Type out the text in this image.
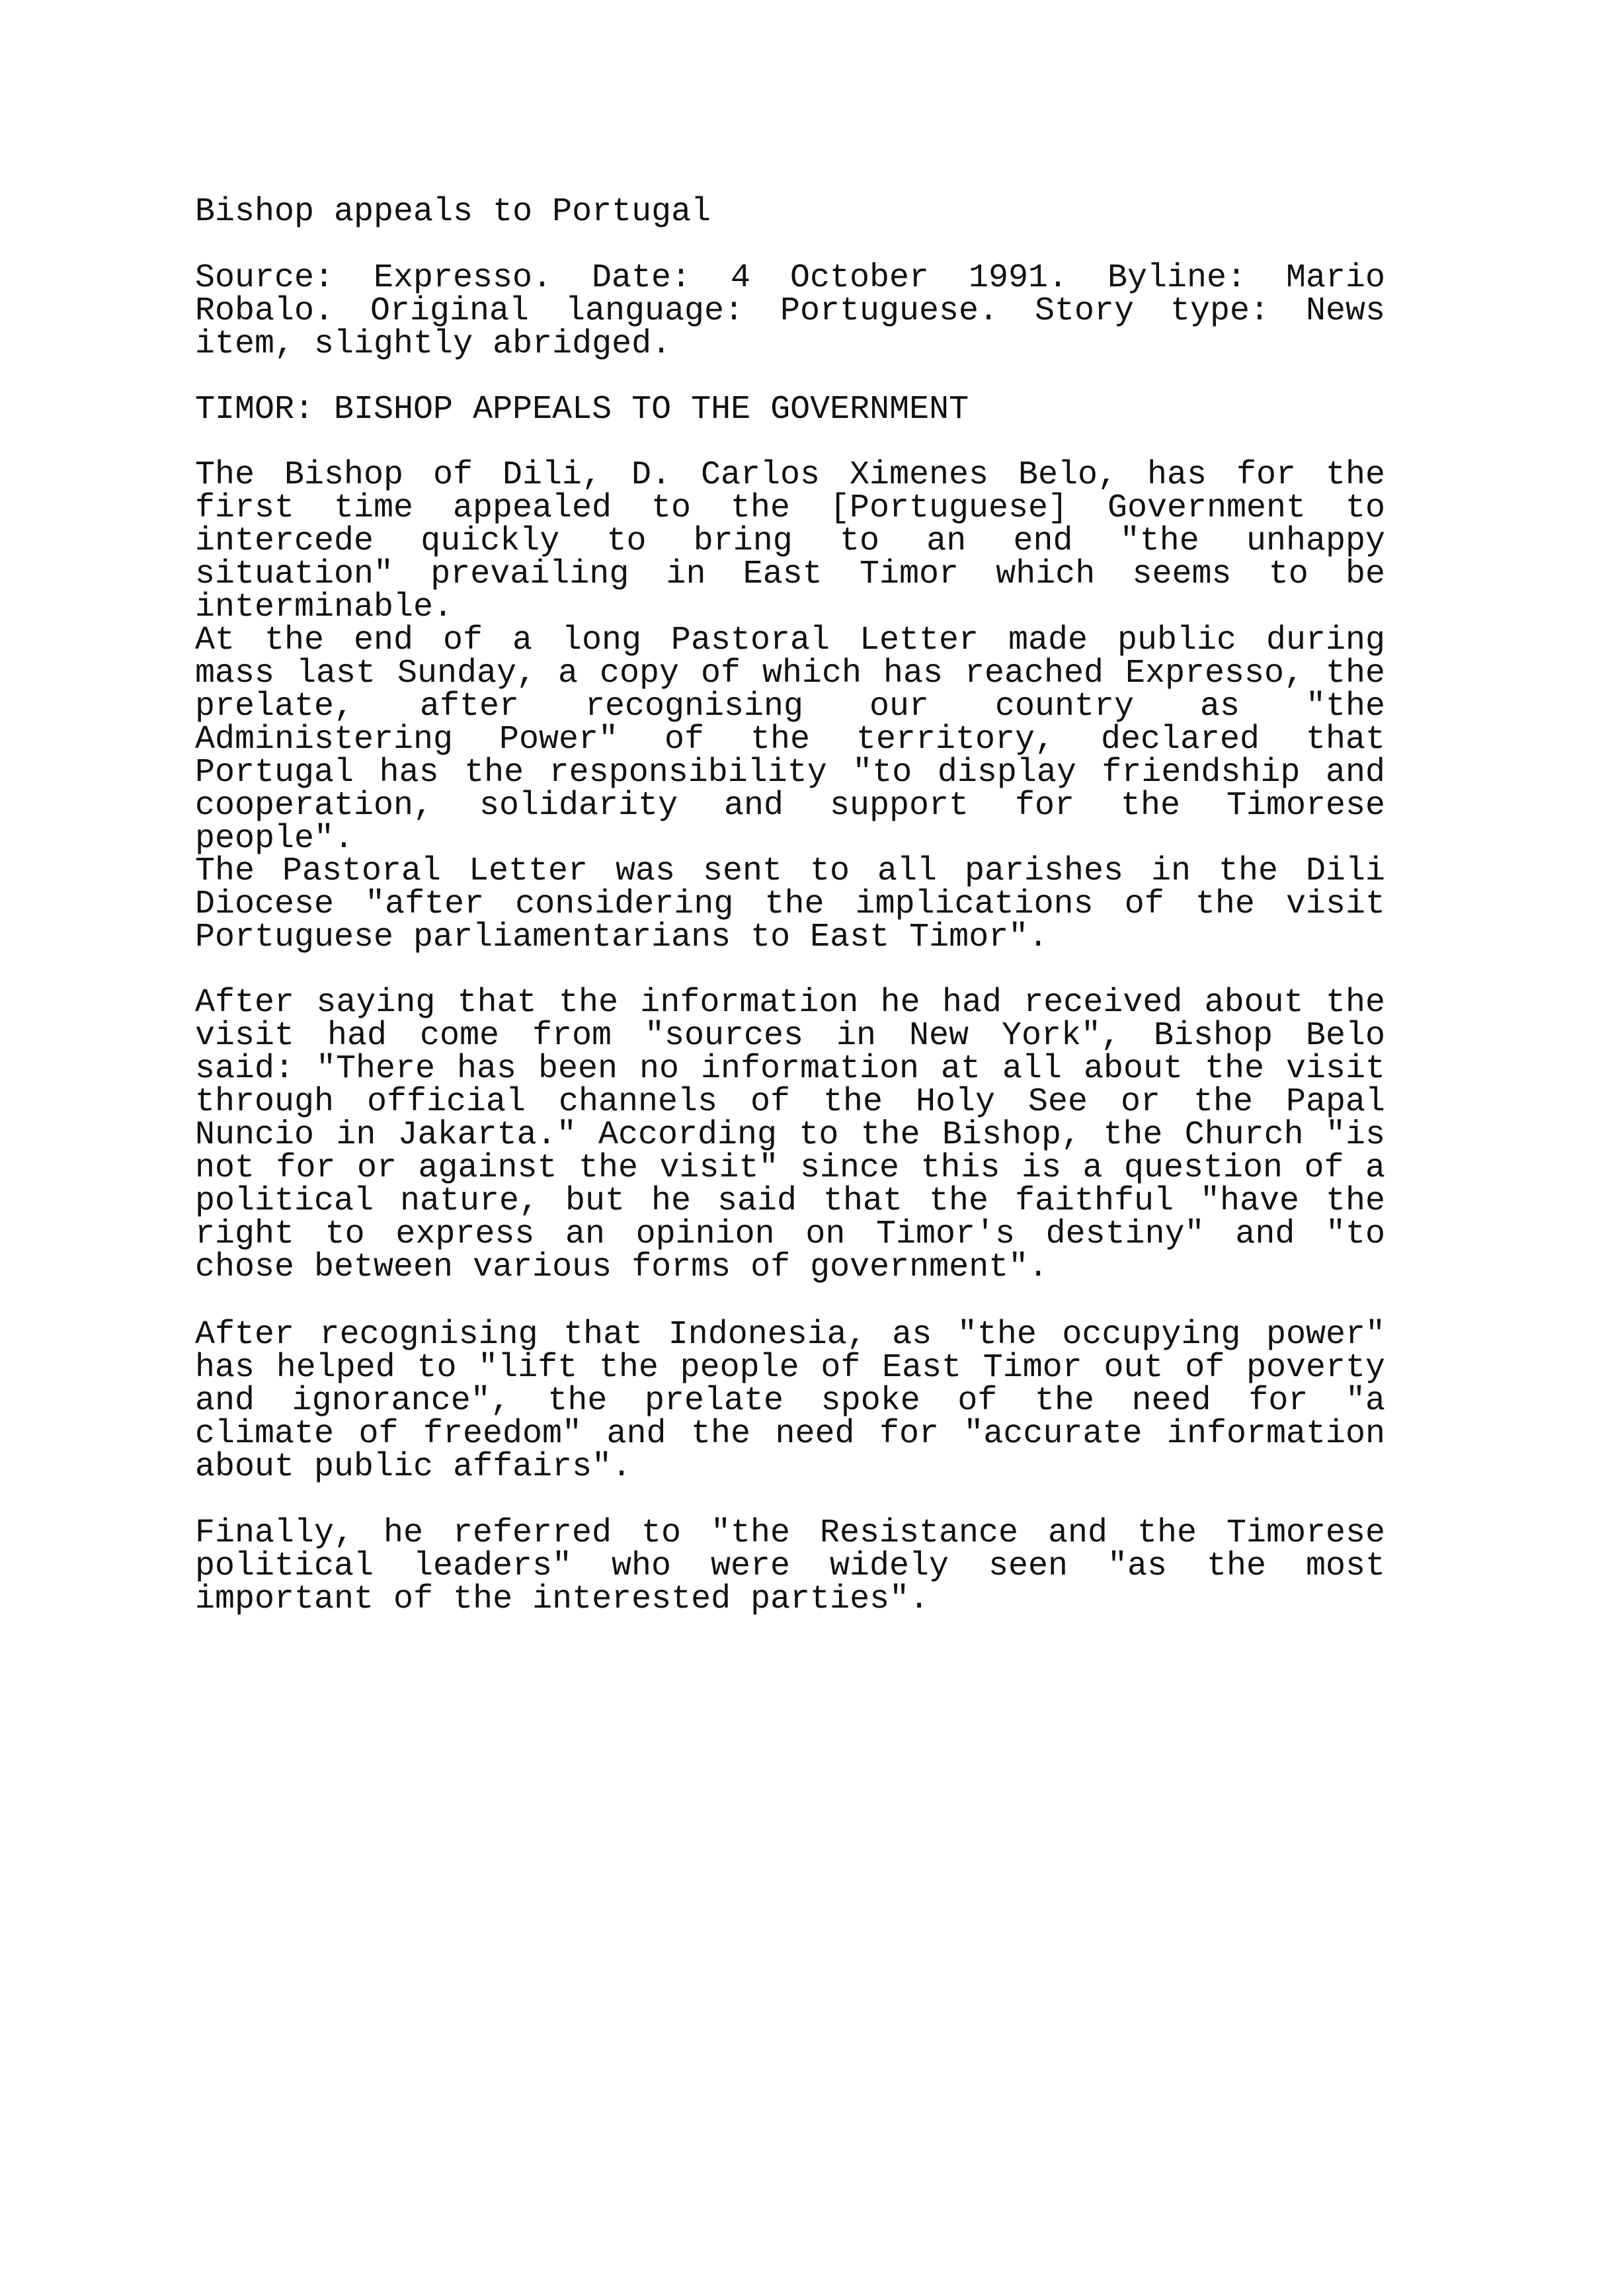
Bishop appeals to Portugal

Source: Expresso. Date: 4 October 1991. Byline: Mario Robalo. Original language: Portuguese. Story type: News item, slightly abridged.

TIMOR: BISHOP APPEALS TO THE GOVERNMENT

The Bishop of Dili, D. Carlos Ximenes Belo, has for the first time appealed to the [Portuguese] Government to intercede quickly to bring to an end "the unhappy situation" prevailing in East Timor which seems to be interminable.

At the end of a long Pastoral Letter made public during mass last Sunday, a copy of which has reached Expresso, the prelate, after recognising our country as "the Administering Power" of the territory, declared that Portugal has the responsibility "to display friendship and cooperation, solidarity and support for the Timorese people".

The Pastoral Letter was sent to all parishes in the Dili Diocese "after considering the implications of the visit Portuguese parliamentarians to East Timor".

After saying that the information he had received about the visit had come from "sources in New York", Bishop Belo said: "There has been no information at all about the visit through official channels of the Holy See or the Papal Nuncio in Jakarta." According to the Bishop, the Church "is not for or against the visit" since this is a question of a political nature, but he said that the faithful "have the right to express an opinion on Timor's destiny" and "to chose between various forms of government".

After recognising that Indonesia, as "the occupying power" has helped to "lift the people of East Timor out of poverty and ignorance", the prelate spoke of the need for "a climate of freedom" and the need for "accurate information about public affairs".

Finally, he referred to "the Resistance and the Timorese political leaders" who were widely seen "as the most important of the interested parties".
